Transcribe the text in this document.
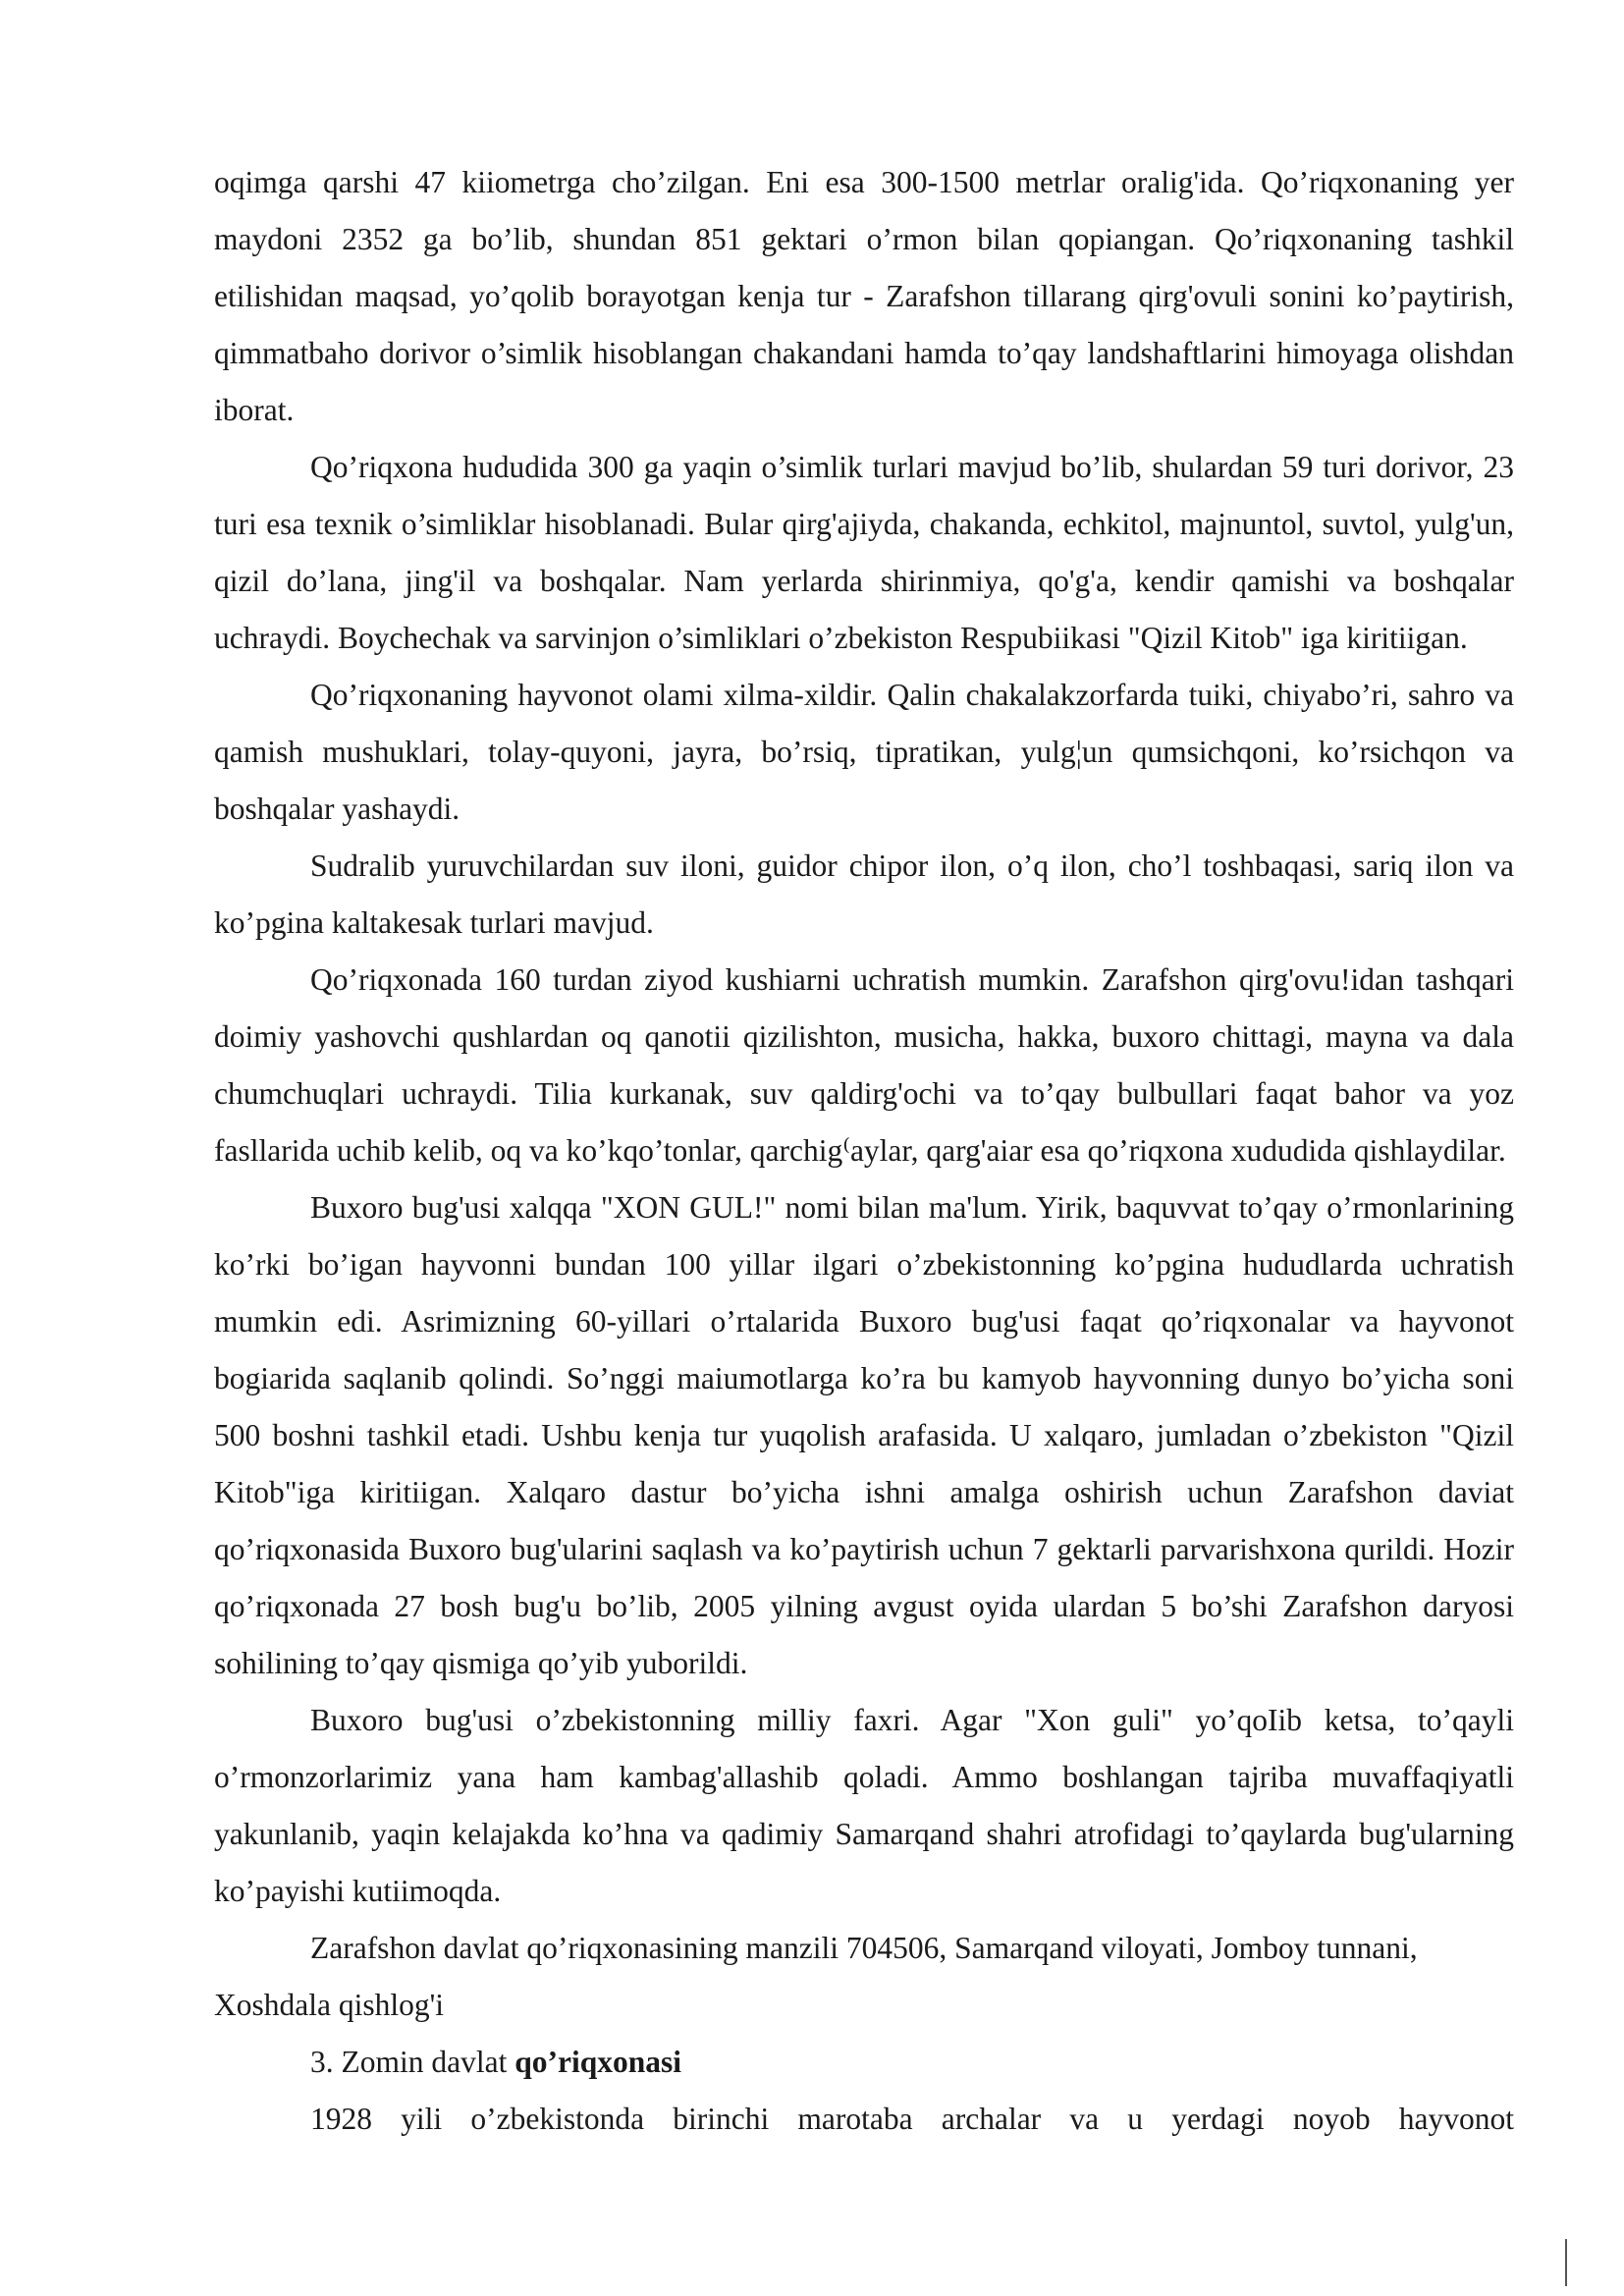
oqimga qarshi 47 kiiometrga cho’zilgan. Eni esa 300-1500 metrlar oralig'ida. Qo’riqxonaning yer maydoni 2352 ga bo’lib, shundan 851 gektari o’rmon bilan qopiangan. Qo’riqxonaning tashkil etilishidan maqsad, yo’qolib borayotgan kenja tur - Zarafshon tillarang qirg'ovuli sonini ko’paytirish, qimmatbaho dorivor o’simlik hisoblangan chakandani hamda to’qay landshaftlarini himoyaga olishdan iborat.

Qo’riqxona hududida 300 ga yaqin o’simlik turlari mavjud bo’lib, shulardan 59 turi dorivor, 23 turi esa texnik o’simliklar hisoblanadi. Bular qirg'ajiyda, chakanda, echkitol, majnuntol, suvtol, yulg'un, qizil do’lana, jing'il va boshqalar. Nam yerlarda shirinmiya, qo'g'a, kendir qamishi va boshqalar uchraydi. Boychechak va sarvinjon o’simliklari o’zbekiston Respubiikasi "Qizil Kitob" iga kiritiigan.

Qo’riqxonaning hayvonot olami xilma-xildir. Qalin chakalakzorfarda tuiki, chiyabo’ri, sahro va qamish mushuklari, tolay-quyoni, jayra, bo’rsiq, tipratikan, yulg¦un qumsichqoni, ko’rsichqon va boshqalar yashaydi.

Sudralib yuruvchilardan suv iloni, guidor chipor ilon, o’q ilon, cho’l toshbaqasi, sariq ilon va ko’pgina kaltakesak turlari mavjud.

Qo’riqxonada 160 turdan ziyod kushiarni uchratish mumkin. Zarafshon qirg'ovu!idan tashqari doimiy yashovchi qushlardan oq qanotii qizilishton, musicha, hakka, buxoro chittagi, mayna va dala chumchuqlari uchraydi. Tilia kurkanak, suv qaldirg'ochi va to’qay bulbullari faqat bahor va yoz fasllarida uchib kelib, oq va ko’kqo’tonlar, qarchig⁽aylar, qarg'aiar esa qo’riqxona xududida qishlaydilar.

Buxoro bug'usi xalqqa "XON GUL!" nomi bilan ma'lum. Yirik, baquvvat to’qay o’rmonlarining ko’rki bo’igan hayvonni bundan 100 yillar ilgari o’zbekistonning ko’pgina hududlarda uchratish mumkin edi. Asrimizning 60-yillari o’rtalarida Buxoro bug'usi faqat qo’riqxonalar va hayvonot bogiarida saqlanib qolindi. So’nggi maiumotlarga ko’ra bu kamyob hayvonning dunyo bo’yicha soni 500 boshni tashkil etadi. Ushbu kenja tur yuqolish arafasida. U xalqaro, jumladan o’zbekiston "Qizil Kitob"iga kiritiigan. Xalqaro dastur bo’yicha ishni amalga oshirish uchun Zarafshon daviat qo’riqxonasida Buxoro bug'ularini saqlash va ko’paytirish uchun 7 gektarli parvarishxona qurildi. Hozir qo’riqxonada 27 bosh bug'u bo’lib, 2005 yilning avgust oyida ulardan 5 bo’shi Zarafshon daryosi sohilining to’qay qismiga qo’yib yuborildi.

Buxoro bug'usi o’zbekistonning milliy faxri. Agar "Xon guli" yo’qoIib ketsa, to’qayli o’rmonzorlarimiz yana ham kambag'allashib qoladi. Ammo boshlangan tajriba muvaffaqiyatli yakunlanib, yaqin kelajakda ko’hna va qadimiy Samarqand shahri atrofidagi to’qaylarda bug'ularning ko’payishi kutiimoqda.

Zarafshon davlat qo’riqxonasining manzili 704506, Samarqand viloyati, Jomboy tunnani, Xoshdala qishlog'i

3. Zomin davlat qo’riqxonasi

1928 yili o’zbekistonda birinchi marotaba archalar va u yerdagi noyob hayvonot
